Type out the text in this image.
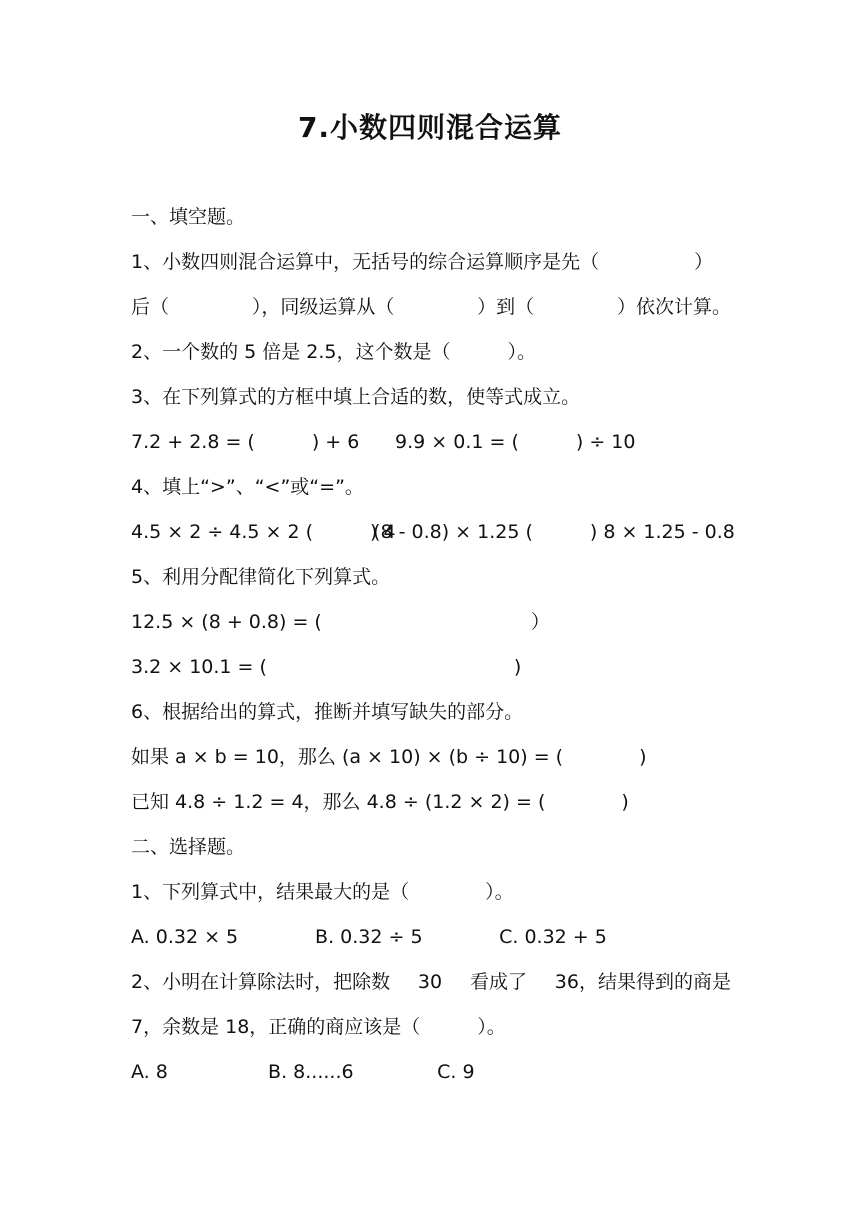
7.小数四则混合运算
一、填空题。
1、小数四则混合运算中，无括号的综合运算顺序是先（　　　　　）
后（	），同级运算从（	）到（	）依次计算。
2、一个数的 5 倍是 2.5，这个数是（　　　）。
3、在下列算式的方框中填上合适的数，使等式成立。
7.2 + 2.8 = (　　　) + 6 9.9 × 0.1 = (　　　) ÷ 10
4、填上“>”、“<”或“=”。
4.5 × 2 ÷ 4.5 × 2 (　　　) 4 (8 - 0.8) × 1.25 (　　　) 8 × 1.25 - 0.8
5、利用分配律简化下列算式。
12.5 × (8 + 0.8) = (　　　　　　　　　　　）
3.2 × 10.1 = (　　　　　　　　　　　　　)
6、根据给出的算式，推断并填写缺失的部分。
如果 a × b = 10，那么 (a × 10) × (b ÷ 10) = (　　　　)
已知 4.8 ÷ 1.2 = 4，那么 4.8 ÷ (1.2 × 2) = (　　　　)
二、选择题。
1、下列算式中，结果最大的是（　　　　）。
A. 0.32 × 5	B. 0.32 ÷ 5	C. 0.32 + 5
2、小明在计算除法时，把除数 30 看成了 36，结果得到的商是
7，余数是 18，正确的商应该是（　　　）。
A. 8	B. 8......6	C. 9
